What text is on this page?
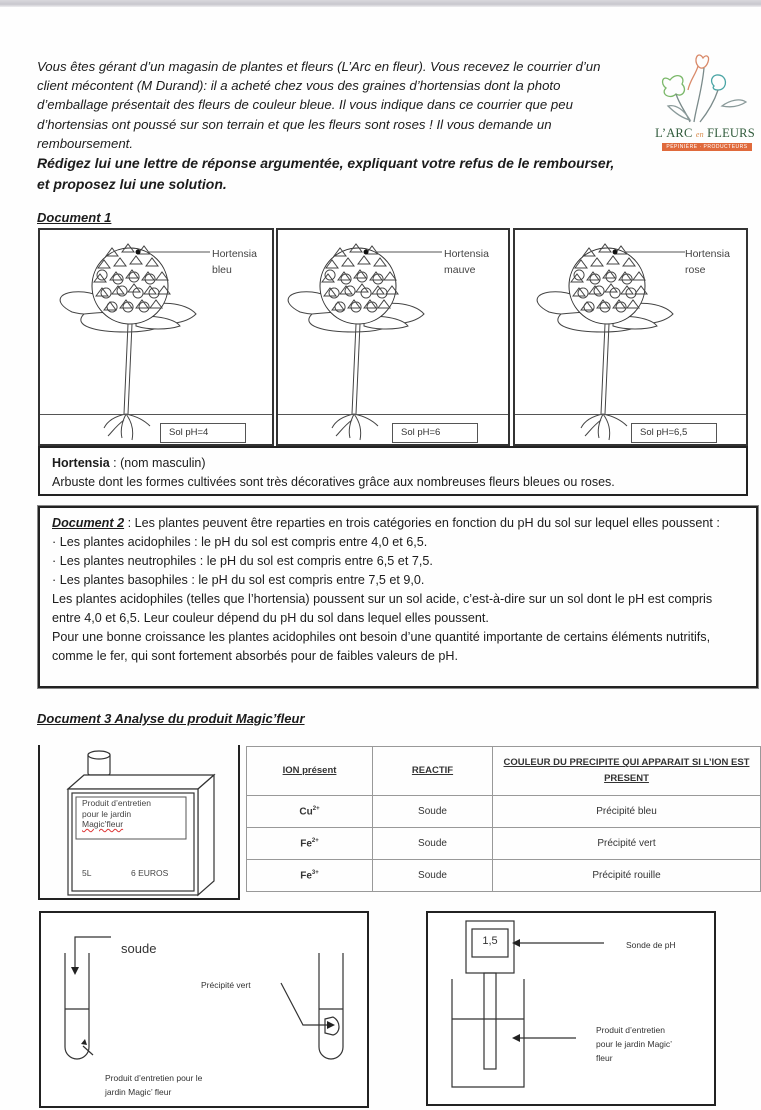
Vous êtes gérant d’un magasin de plantes et fleurs (L’Arc en fleur). Vous recevez le courrier d’un
client mécontent (M Durand): il a acheté chez vous des graines d’hortensias dont la photo
d’emballage présentait des fleurs de couleur bleue. Il vous indique dans ce courrier que peu
d’hortensias ont poussé sur son terrain et que les fleurs sont roses ! Il vous demande un
remboursement.
Rédigez lui une lettre de réponse argumentée, expliquant votre refus de le rembourser,
et proposez lui une solution.
L’ARC en FLEURS
PÉPINIÈRE · PRODUCTEURS
Document 1
Hortensia
bleu
Sol pH=4
Hortensia
mauve
Sol pH=6
Hortensia
rose
Sol pH=6,5
Hortensia : (nom masculin)
Arbuste dont les formes cultivées sont très décoratives grâce aux nombreuses fleurs bleues ou roses.
Document 2 : Les plantes peuvent être reparties en trois catégories en fonction du pH du sol sur lequel elles poussent :
· Les plantes acidophiles : le pH du sol est compris entre 4,0 et 6,5.
· Les plantes neutrophiles : le pH du sol est compris entre 6,5 et 7,5.
· Les plantes basophiles : le pH du sol est compris entre 7,5 et 9,0.
Les plantes acidophiles (telles que l’hortensia) poussent sur un sol acide, c’est-à-dire sur un sol dont le pH est compris entre 4,0 et 6,5. Leur couleur dépend du pH du sol dans lequel elles poussent.
Pour une bonne croissance les plantes acidophiles ont besoin d’une quantité importante de certains éléments nutritifs, comme le fer, qui sont fortement absorbés pour de faibles valeurs de pH.
Document 3 Analyse du produit Magic’fleur
Produit d’entretien
pour le jardin
Magic’fleur
5L	6 EUROS
ION présent	REACTIF	COULEUR DU PRECIPITE QUI APPARAIT SI L’ION EST PRESENT
$Cu^{2+}$	Soude	Précipité bleu
$Fe^{2+}$	Soude	Précipité vert
$Fe^{3+}$	Soude	Précipité rouille
soude
Précipité vert
Produit d’entretien pour le
jardin Magic’ fleur
1,5	Sonde de pH
Produit d’entretien
pour le jardin Magic’
fleur
